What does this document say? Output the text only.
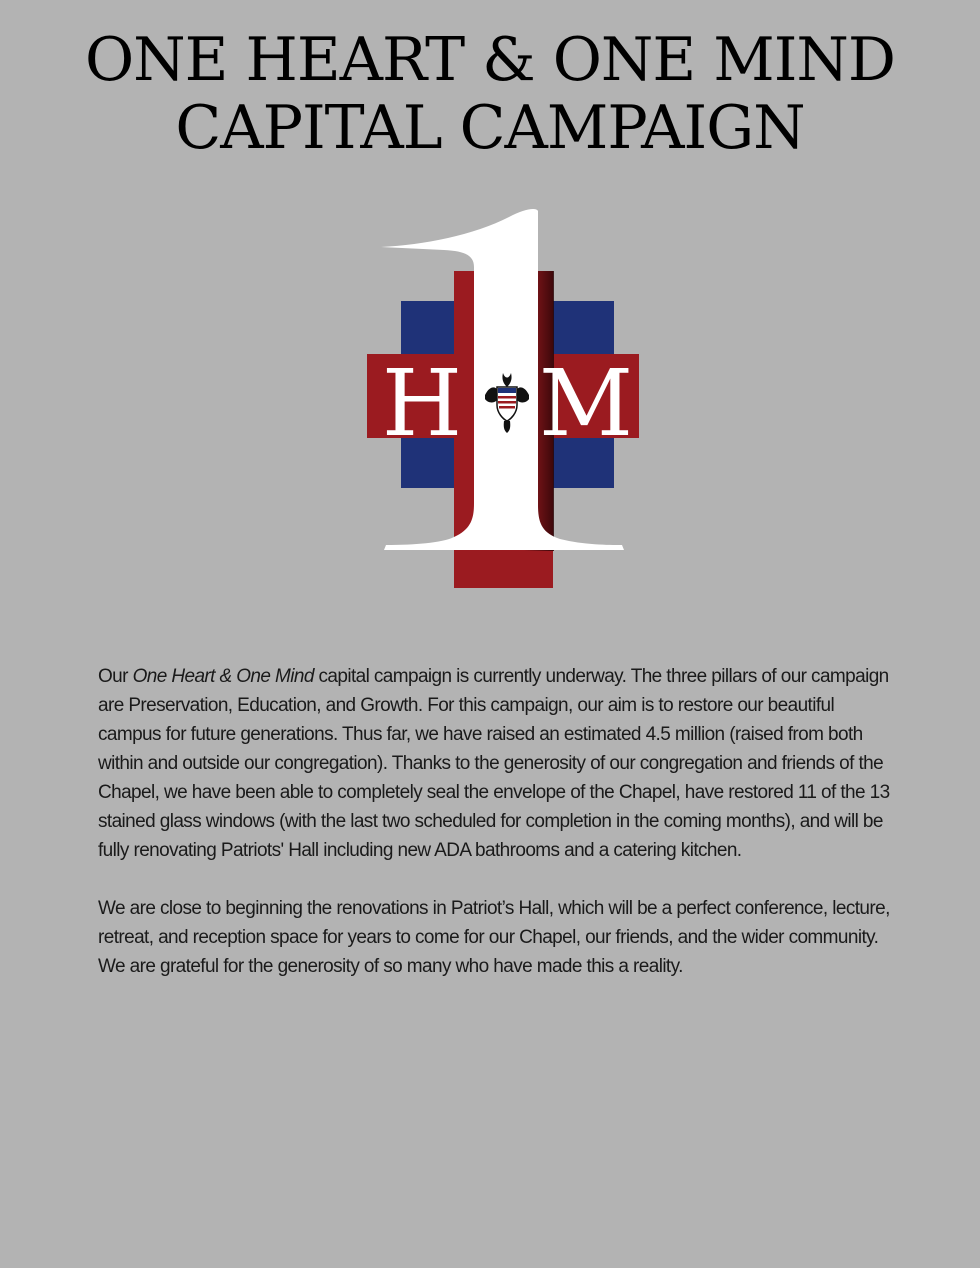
ONE HEART & ONE MIND
CAPITAL CAMPAIGN
H M

Our One Heart & One Mind capital campaign is currently underway. The three pillars of our campaign are Preservation, Education, and Growth. For this campaign, our aim is to restore our beautiful campus for future generations. Thus far, we have raised an estimated 4.5 million (raised from both within and outside our congregation). Thanks to the generosity of our congregation and friends of the Chapel, we have been able to completely seal the envelope of the Chapel, have restored 11 of the 13 stained glass windows (with the last two scheduled for completion in the coming months), and will be fully renovating Patriots' Hall including new ADA bathrooms and a catering kitchen.

We are close to beginning the renovations in Patriot’s Hall, which will be a perfect conference, lecture, retreat, and reception space for years to come for our Chapel, our friends, and the wider community. We are grateful for the generosity of so many who have made this a reality.
